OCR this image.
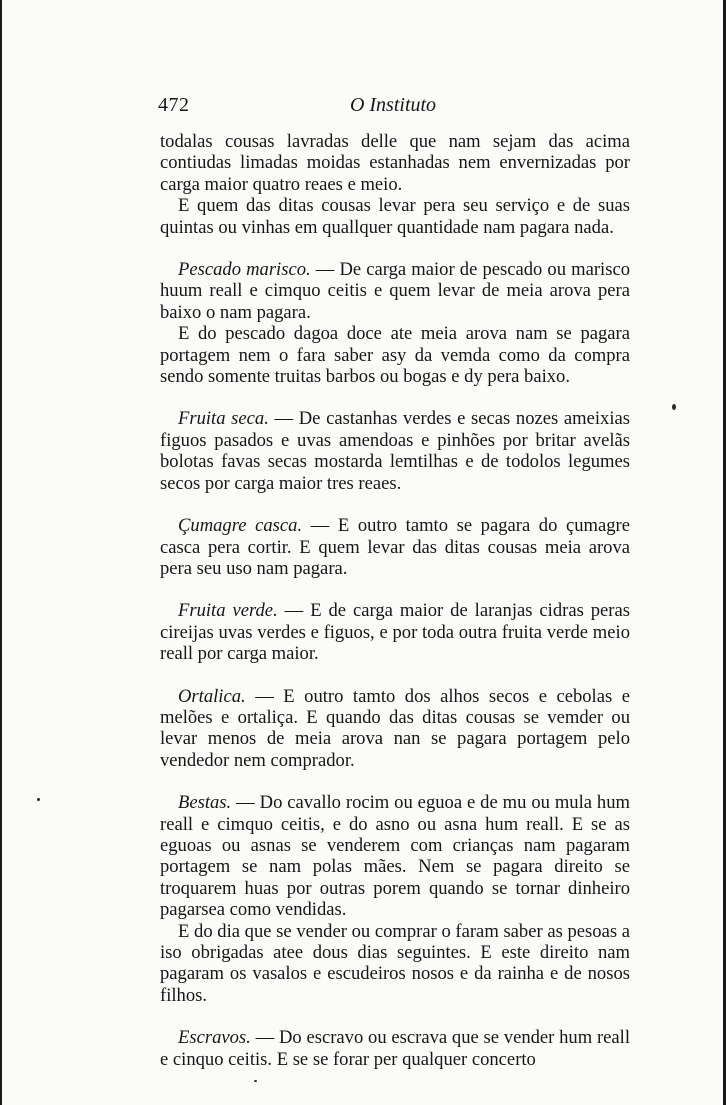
472	O Instituto

todalas cousas lavradas delle que nam sejam das acima contiudas limadas moidas estanhadas nem envernizadas por carga maior quatro reaes e meio.

E quem das ditas cousas levar pera seu serviço e de suas quintas ou vinhas em quallquer quantidade nam pagara nada.

Pescado marisco. — De carga maior de pescado ou marisco huum reall e cimquo ceitis e quem levar de meia arova pera baixo o nam pagara.

E do pescado dagoa doce ate meia arova nam se pagara portagem nem o fara saber asy da vemda como da compra sendo somente truitas barbos ou bogas e dy pera baixo.

Fruita seca. — De castanhas verdes e secas nozes ameixias figuos pasados e uvas amendoas e pinhões por britar avelãs bolotas favas secas mostarda lemtilhas e de todolos legumes secos por carga maior tres reaes.

Çumagre casca. — E outro tamto se pagara do çumagre casca pera cortir. E quem levar das ditas cousas meia arova pera seu uso nam pagara.

Fruita verde. — E de carga maior de laranjas cidras peras cireijas uvas verdes e figuos, e por toda outra fruita verde meio reall por carga maior.

Ortalica. — E outro tamto dos alhos secos e cebolas e melões e ortaliça. E quando das ditas cousas se vemder ou levar menos de meia arova nan se pagara portagem pelo vendedor nem comprador.

Bestas. — Do cavallo rocim ou eguoa e de mu ou mula hum reall e cimquo ceitis, e do asno ou asna hum reall. E se as eguoas ou asnas se venderem com crianças nam pagaram portagem se nam polas mães. Nem se pagara direito se troquarem huas por outras porem quando se tornar dinheiro pagarsea como vendidas.

E do dia que se vender ou comprar o faram saber as pesoas a iso obrigadas atee dous dias seguintes. E este direito nam pagaram os vasalos e escudeiros nosos e da rainha e de nosos filhos.

Escravos. — Do escravo ou escrava que se vender hum reall e cinquo ceitis. E se se forar per qualquer concerto
